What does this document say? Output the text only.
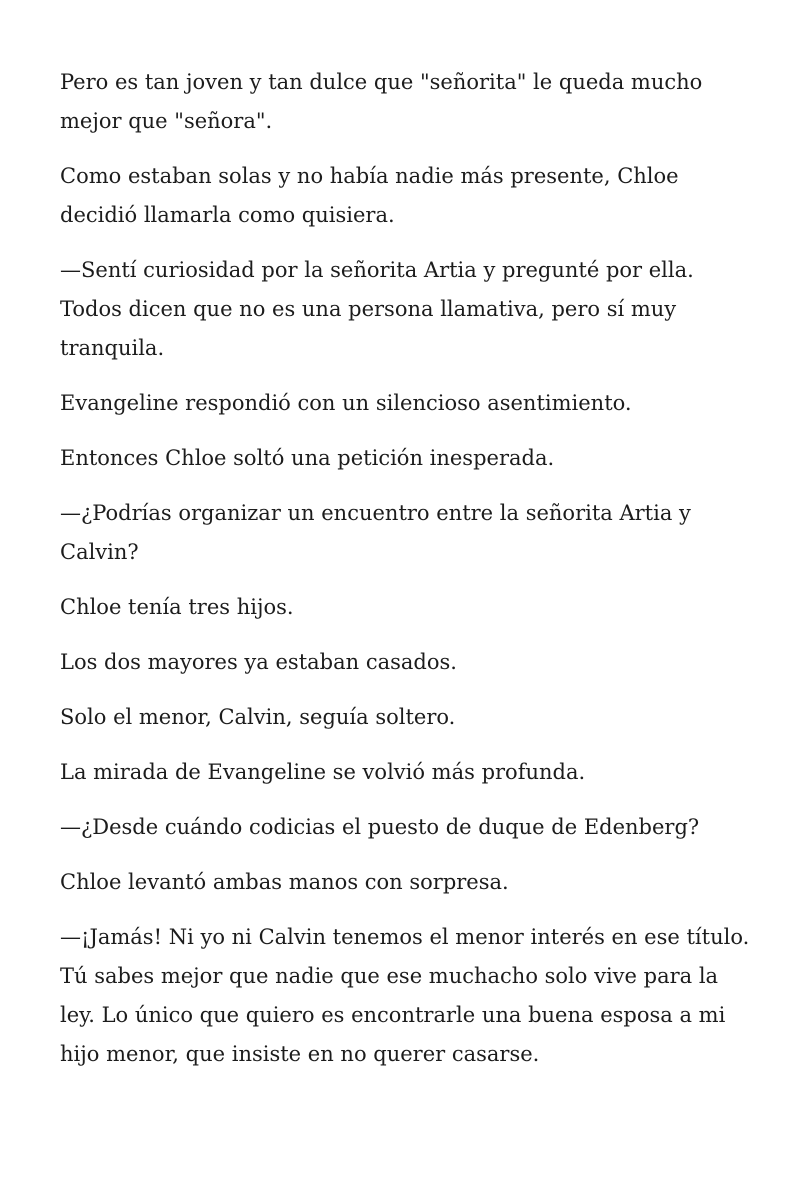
Pero es tan joven y tan dulce que "señorita" le queda mucho mejor que "señora".

Como estaban solas y no había nadie más presente, Chloe decidió llamarla como quisiera.

—Sentí curiosidad por la señorita Artia y pregunté por ella. Todos dicen que no es una persona llamativa, pero sí muy tranquila.

Evangeline respondió con un silencioso asentimiento.

Entonces Chloe soltó una petición inesperada.

—¿Podrías organizar un encuentro entre la señorita Artia y Calvin?

Chloe tenía tres hijos.

Los dos mayores ya estaban casados.

Solo el menor, Calvin, seguía soltero.

La mirada de Evangeline se volvió más profunda.

—¿Desde cuándo codicias el puesto de duque de Edenberg?

Chloe levantó ambas manos con sorpresa.

—¡Jamás! Ni yo ni Calvin tenemos el menor interés en ese título. Tú sabes mejor que nadie que ese muchacho solo vive para la ley. Lo único que quiero es encontrarle una buena esposa a mi hijo menor, que insiste en no querer casarse.
